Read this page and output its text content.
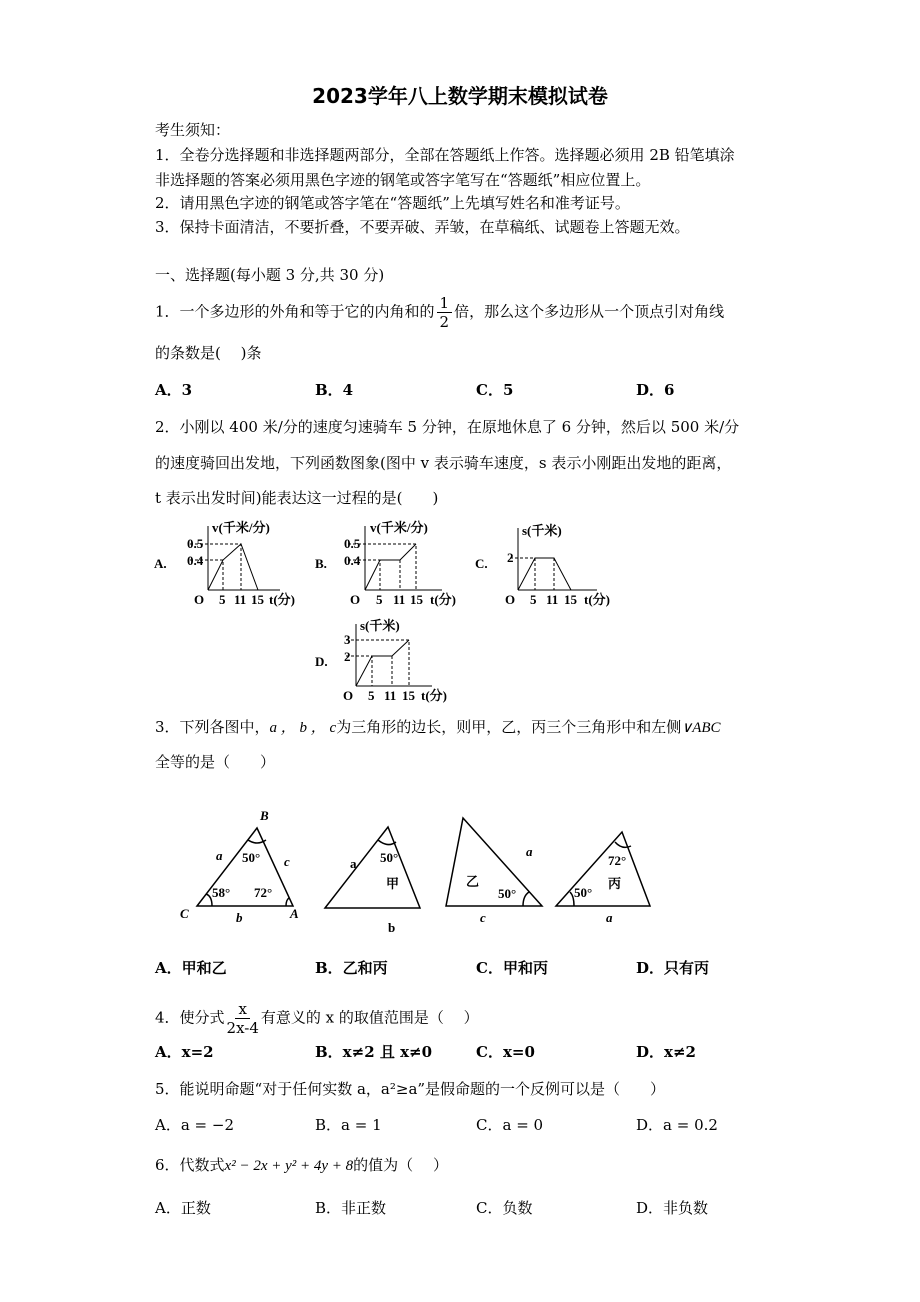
2023学年八上数学期末模拟试卷
考生须知：
1．全卷分选择题和非选择题两部分，全部在答题纸上作答。选择题必须用 2B 铅笔填涂
非选择题的答案必须用黑色字迹的钢笔或答字笔写在“答题纸”相应位置上。
2．请用黑色字迹的钢笔或答字笔在“答题纸”上先填写姓名和准考证号。
3．保持卡面清洁，不要折叠，不要弄破、弄皱，在草稿纸、试题卷上答题无效。
一、选择题(每小题 3 分,共 30 分)
1．一个多边形的外角和等于它的内角和的 $\frac{1}{2}$ 倍，那么这个多边形从一个顶点引对角线
的条数是(　 )条
A．3	B．4	C．5	D．6
2．小刚以 400 米/分的速度匀速骑车 5 分钟，在原地休息了 6 分钟，然后以 500 米/分
的速度骑回出发地，下列函数图象(图中 v 表示骑车速度，s 表示小刚距出发地的距离，
t 表示出发时间)能表达这一过程的是(　　)
A.
v(千米/分)
0.5
0.4
O 5 11 15 t(分)
B.
v(千米/分)
0.5
0.4
O 5 11 15 t(分)
C.
s(千米)
2
O 5 11 15 t(分)
D.
s(千米)
3
2
O 5 11 15 t(分)
3．下列各图中，a ， b ， c为三角形的边长，则甲，乙，丙三个三角形中和左侧∨ABC
全等的是（　　）
B
C	A
a	c
b
50°
58° 72°
a 50°
甲
b
a
乙
50°
c
72°
丙
50°
a
A．甲和乙	B．乙和丙	C．甲和丙	D．只有丙
4．使分式 $\frac{x}{2x-4}$ 有意义的 x 的取值范围是（　 ）
A．x=2	B．x≠2 且 x≠0	C．x=0	D．x≠2
5．能说明命题“对于任何实数 a，a²≥a”是假命题的一个反例可以是（　　）
A．a = −2	B．a = 1	C．a = 0	D．a = 0.2
6．代数式x² − 2x + y² + 4y + 8的值为（　 ）
A．正数	B．非正数	C．负数	D．非负数
